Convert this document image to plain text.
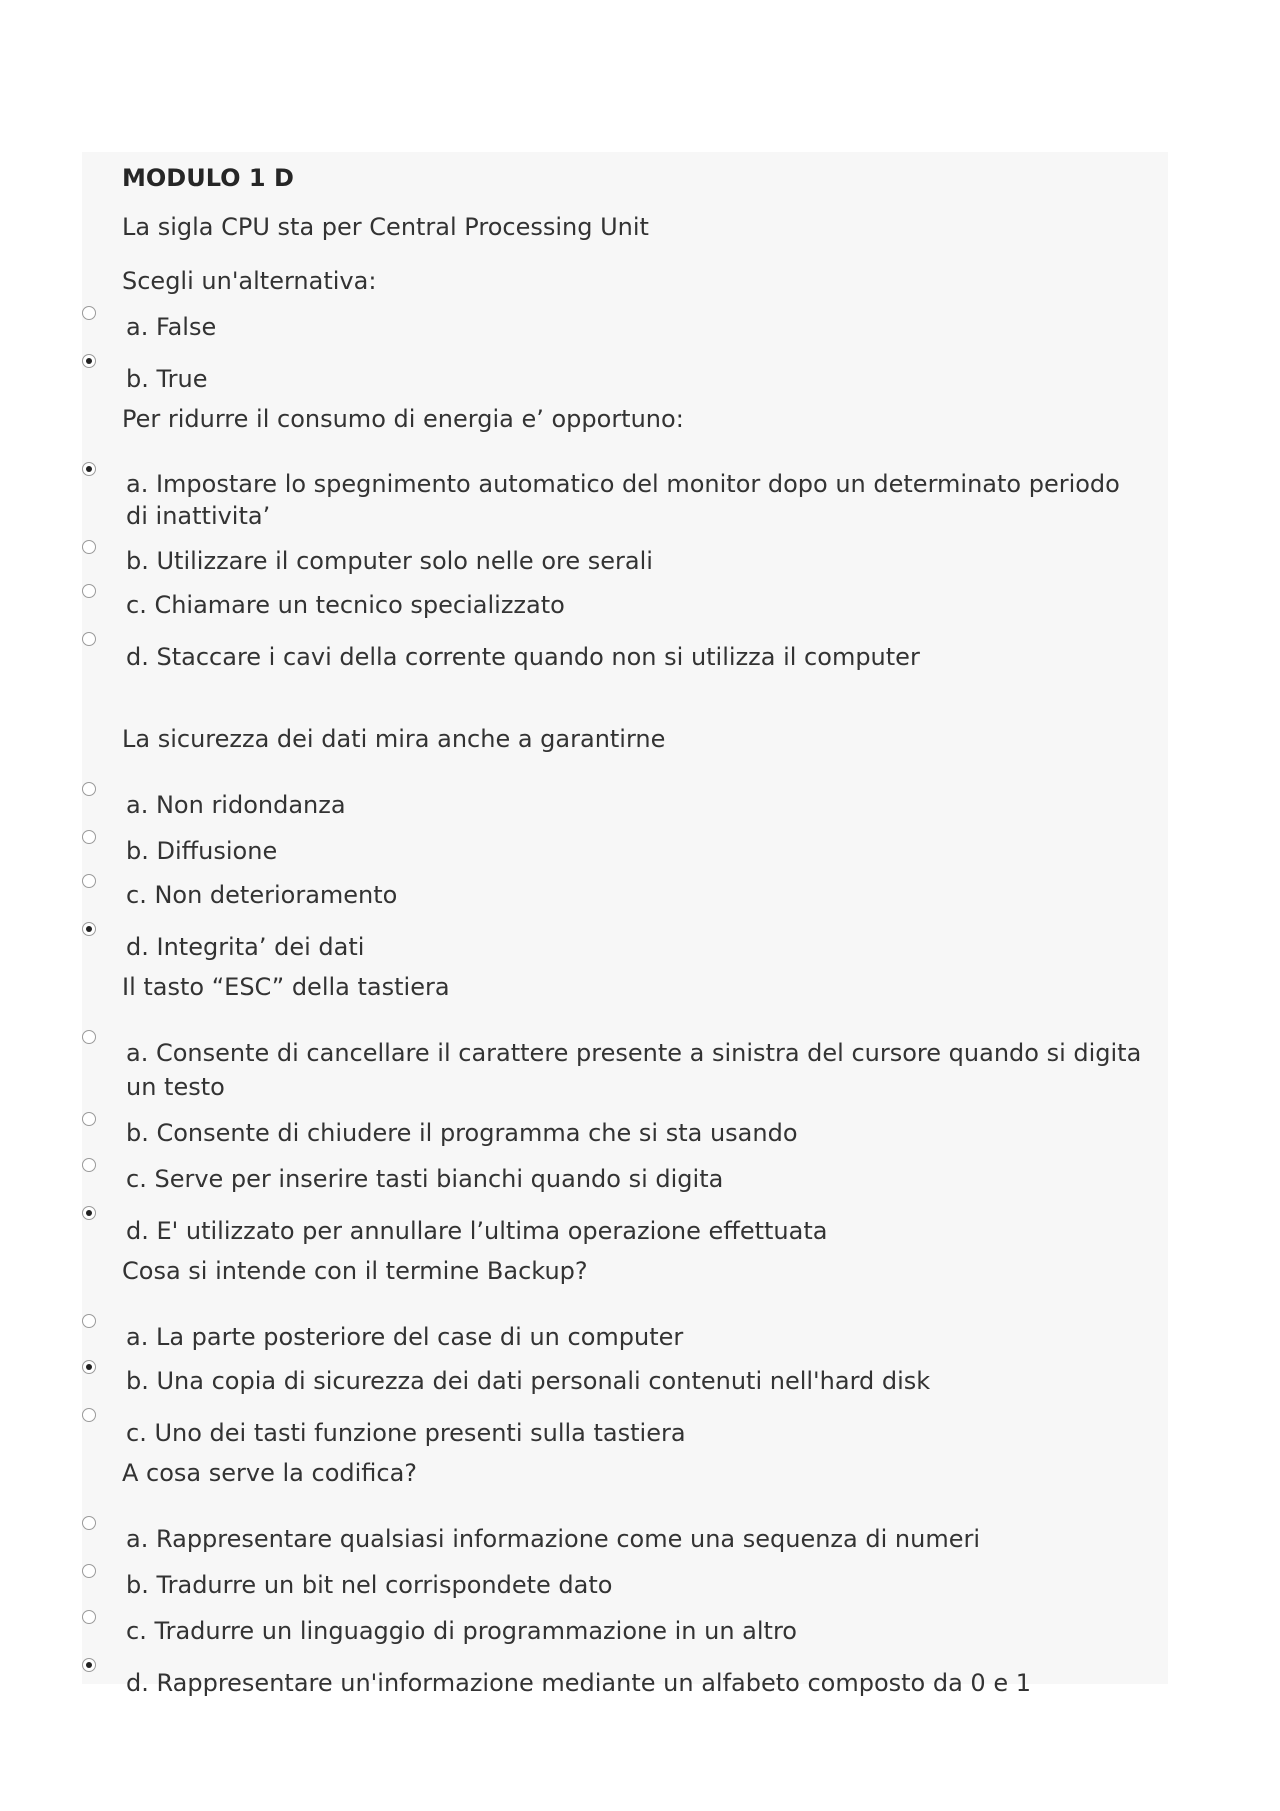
MODULO 1 D
La sigla CPU sta per Central Processing Unit
Scegli un'alternativa:
a. False
b. True
Per ridurre il consumo di energia e’ opportuno:
a. Impostare lo spegnimento automatico del monitor dopo un determinato periodo di inattivita’
b. Utilizzare il computer solo nelle ore serali
c. Chiamare un tecnico specializzato
d. Staccare i cavi della corrente quando non si utilizza il computer
La sicurezza dei dati mira anche a garantirne
a. Non ridondanza
b. Diffusione
c. Non deterioramento
d. Integrita’ dei dati
Il tasto “ESC” della tastiera
a. Consente di cancellare il carattere presente a sinistra del cursore quando si digita un testo
b. Consente di chiudere il programma che si sta usando
c. Serve per inserire tasti bianchi quando si digita
d. E' utilizzato per annullare l’ultima operazione effettuata
Cosa si intende con il termine Backup?
a. La parte posteriore del case di un computer
b. Una copia di sicurezza dei dati personali contenuti nell'hard disk
c. Uno dei tasti funzione presenti sulla tastiera
A cosa serve la codifica?
a. Rappresentare qualsiasi informazione come una sequenza di numeri
b. Tradurre un bit nel corrispondete dato
c. Tradurre un linguaggio di programmazione in un altro
d. Rappresentare un'informazione mediante un alfabeto composto da 0 e 1
